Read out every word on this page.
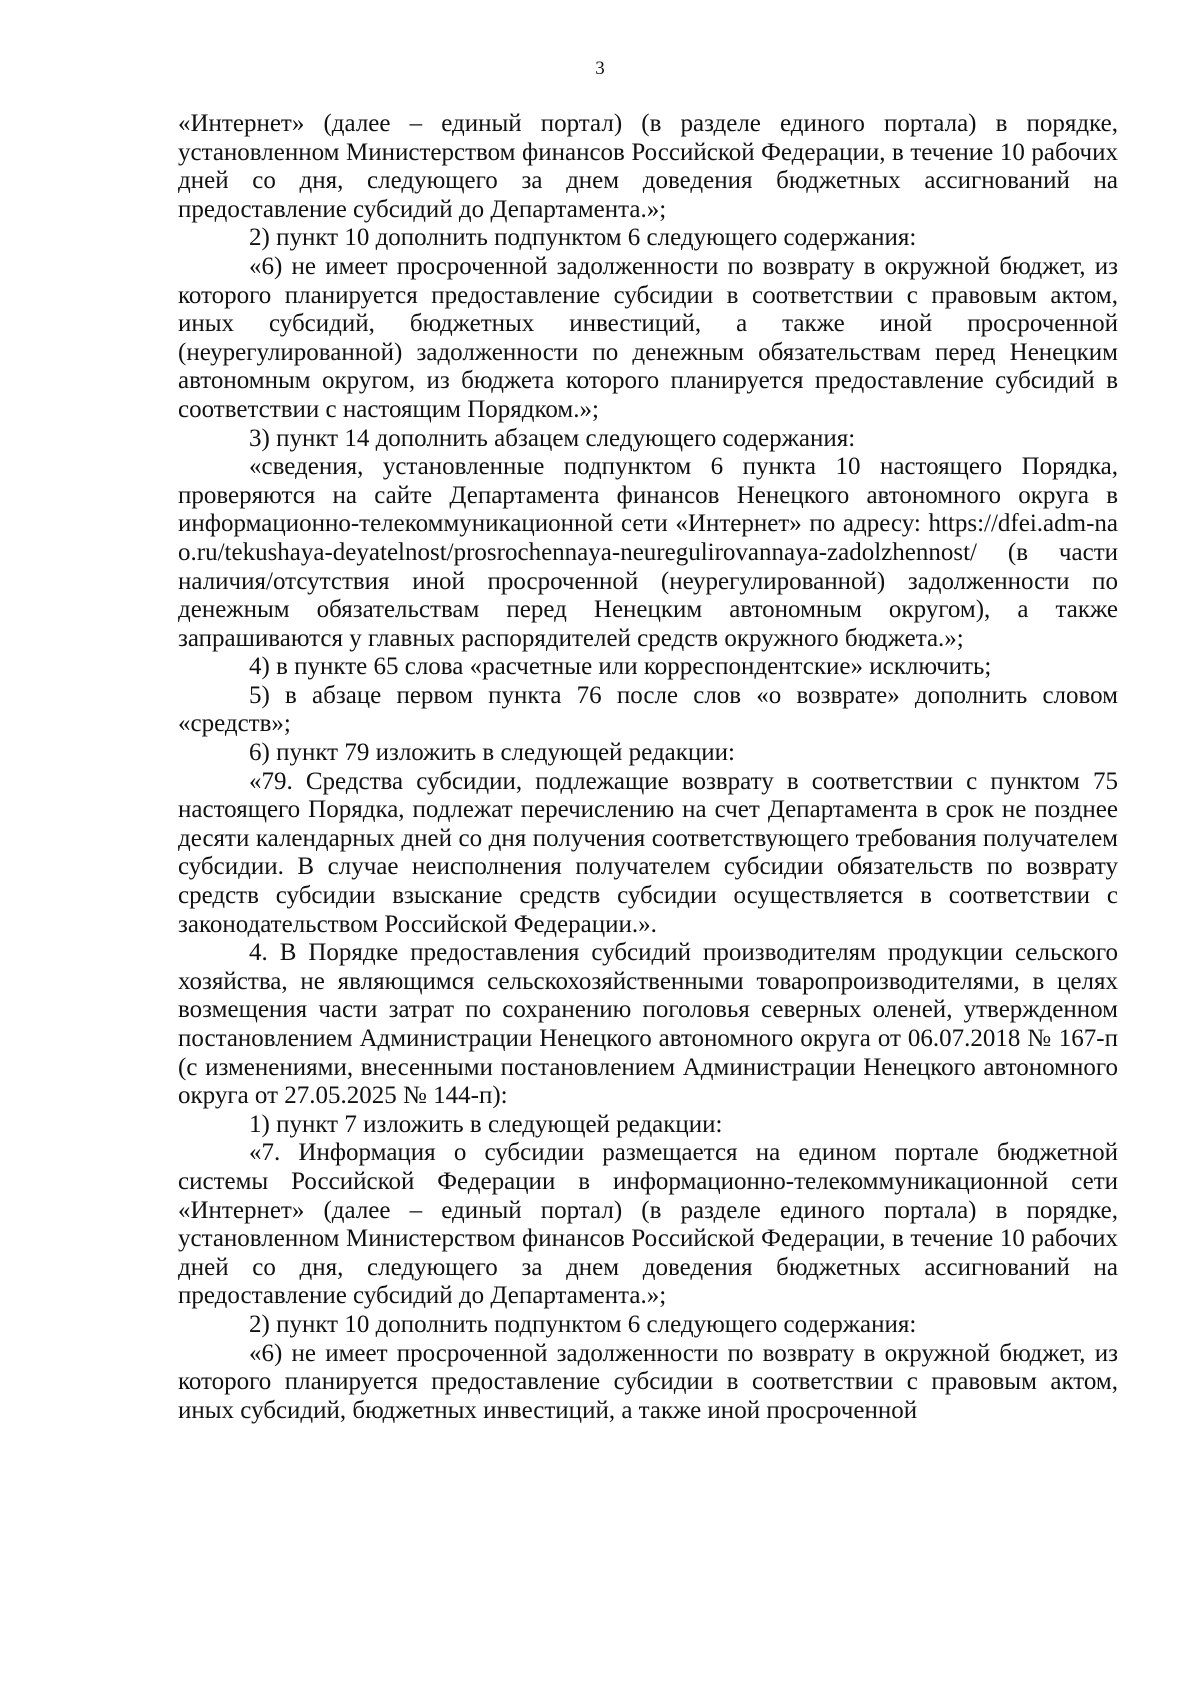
3

«Интернет» (далее – единый портал) (в разделе единого портала) в порядке, установленном Министерством финансов Российской Федерации, в течение 10 рабочих дней со дня, следующего за днем доведения бюджетных ассигнований на предоставление субсидий до Департамента.»;

2) пункт 10 дополнить подпунктом 6 следующего содержания:

«6) не имеет просроченной задолженности по возврату в окружной бюджет, из которого планируется предоставление субсидии в соответствии с правовым актом, иных субсидий, бюджетных инвестиций, а также иной просроченной (неурегулированной) задолженности по денежным обязательствам перед Ненецким автономным округом, из бюджета которого планируется предоставление субсидий в соответствии с настоящим Порядком.»;

3) пункт 14 дополнить абзацем следующего содержания:

«сведения, установленные подпунктом 6 пункта 10 настоящего Порядка, проверяются на сайте Департамента финансов Ненецкого автономного округа в информационно-телекоммуникационной сети «Интернет» по адресу: https://dfei.adm-nao.ru/tekushaya-deyatelnost/prosrochennaya-neuregulirovannaya-zadolzhennost/ (в части наличия/отсутствия иной просроченной (неурегулированной) задолженности по денежным обязательствам перед Ненецким автономным округом), а также запрашиваются у главных распорядителей средств окружного бюджета.»;

4) в пункте 65 слова «расчетные или корреспондентские» исключить;

5) в абзаце первом пункта 76 после слов «о возврате» дополнить словом «средств»;

6) пункт 79 изложить в следующей редакции:

«79. Средства субсидии, подлежащие возврату в соответствии с пунктом 75 настоящего Порядка, подлежат перечислению на счет Департамента в срок не позднее десяти календарных дней со дня получения соответствующего требования получателем субсидии. В случае неисполнения получателем субсидии обязательств по возврату средств субсидии взыскание средств субсидии осуществляется в соответствии с законодательством Российской Федерации.».

4. В Порядке предоставления субсидий производителям продукции сельского хозяйства, не являющимся сельскохозяйственными товаропроизводителями, в целях возмещения части затрат по сохранению поголовья северных оленей, утвержденном постановлением Администрации Ненецкого автономного округа от 06.07.2018 № 167-п (с изменениями, внесенными постановлением Администрации Ненецкого автономного округа от 27.05.2025 № 144-п):

1) пункт 7 изложить в следующей редакции:

«7. Информация о субсидии размещается на едином портале бюджетной системы Российской Федерации в информационно-телекоммуникационной сети «Интернет» (далее – единый портал) (в разделе единого портала) в порядке, установленном Министерством финансов Российской Федерации, в течение 10 рабочих дней со дня, следующего за днем доведения бюджетных ассигнований на предоставление субсидий до Департамента.»;

2) пункт 10 дополнить подпунктом 6 следующего содержания:

«6) не имеет просроченной задолженности по возврату в окружной бюджет, из которого планируется предоставление субсидии в соответствии с правовым актом, иных субсидий, бюджетных инвестиций, а также иной просроченной
